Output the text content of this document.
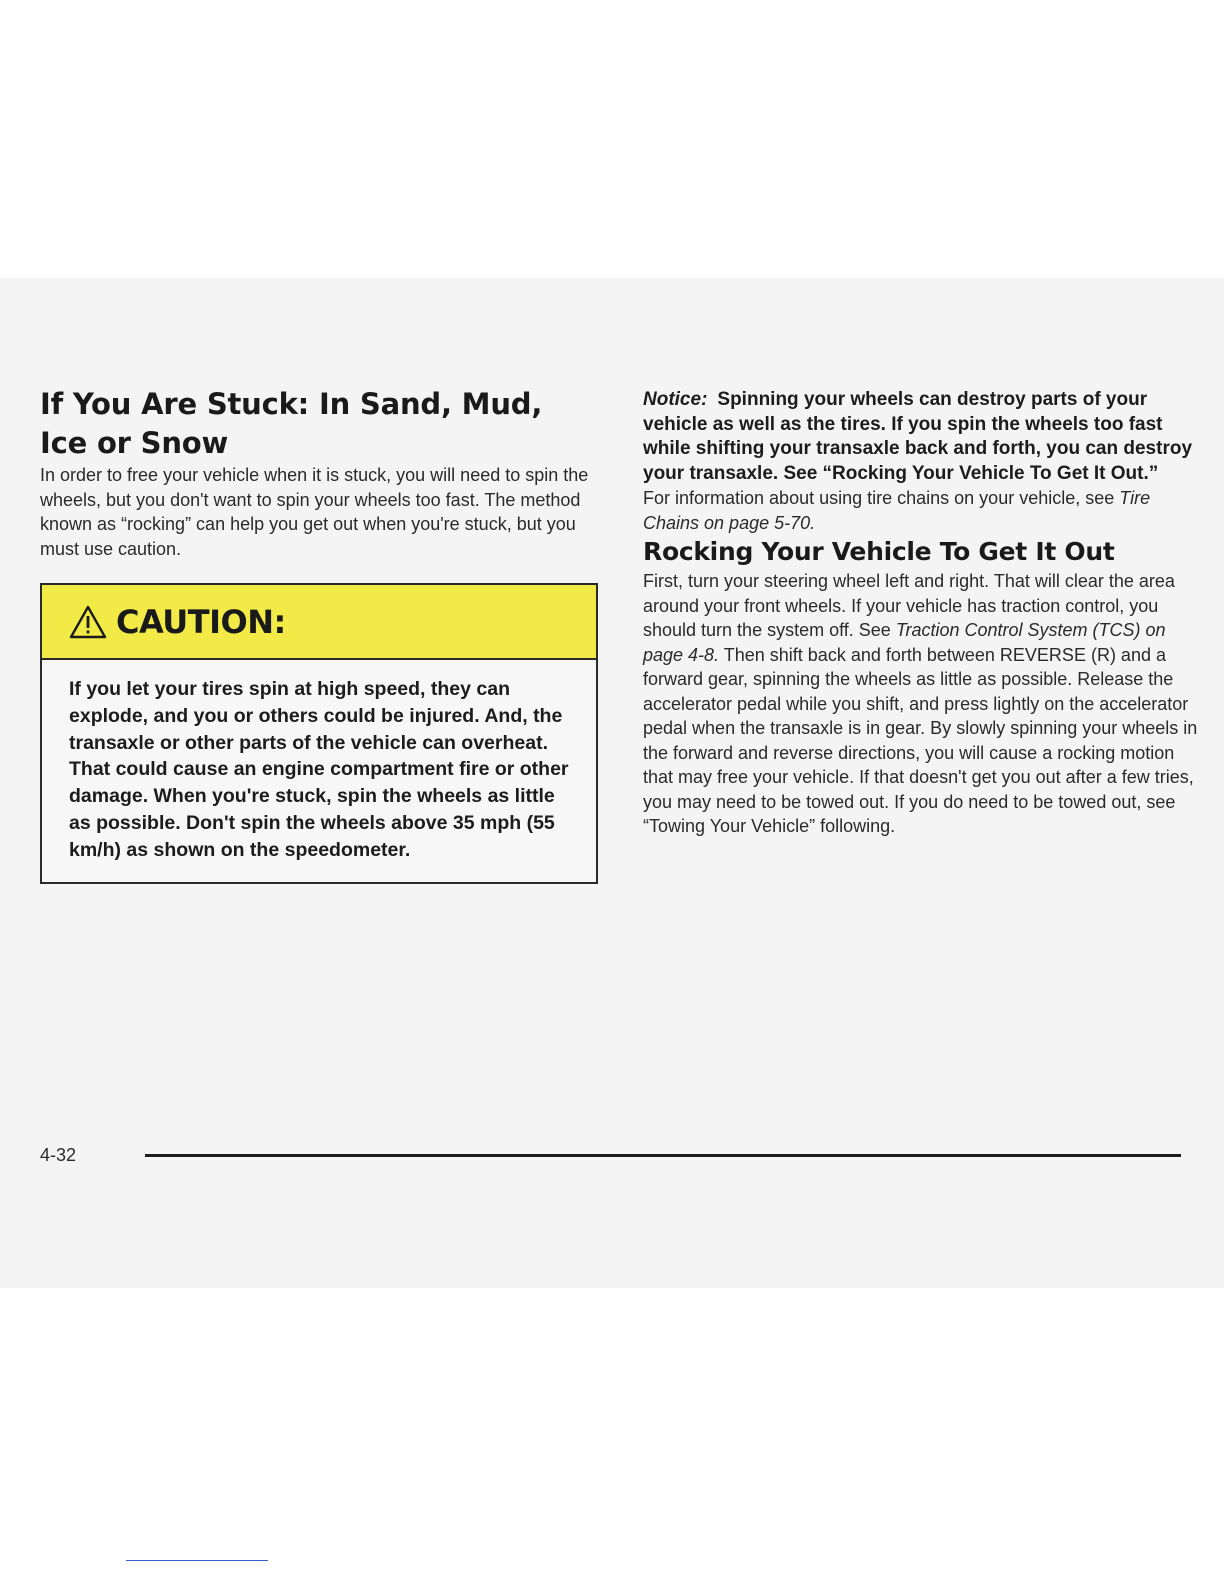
If You Are Stuck: In Sand, Mud, Ice or Snow

In order to free your vehicle when it is stuck, you will need to spin the wheels, but you don't want to spin your wheels too fast. The method known as “rocking” can help you get out when you're stuck, but you must use caution.

CAUTION:
If you let your tires spin at high speed, they can explode, and you or others could be injured. And, the transaxle or other parts of the vehicle can overheat. That could cause an engine compartment fire or other damage. When you're stuck, spin the wheels as little as possible. Don't spin the wheels above 35 mph (55 km/h) as shown on the speedometer.

Notice: Spinning your wheels can destroy parts of your vehicle as well as the tires. If you spin the wheels too fast while shifting your transaxle back and forth, you can destroy your transaxle. See “Rocking Your Vehicle To Get It Out.”

For information about using tire chains on your vehicle, see Tire Chains on page 5-70.

Rocking Your Vehicle To Get It Out

First, turn your steering wheel left and right. That will clear the area around your front wheels. If your vehicle has traction control, you should turn the system off. See Traction Control System (TCS) on page 4-8. Then shift back and forth between REVERSE (R) and a forward gear, spinning the wheels as little as possible. Release the accelerator pedal while you shift, and press lightly on the accelerator pedal when the transaxle is in gear. By slowly spinning your wheels in the forward and reverse directions, you will cause a rocking motion that may free your vehicle. If that doesn't get you out after a few tries, you may need to be towed out. If you do need to be towed out, see “Towing Your Vehicle” following.

4-32
